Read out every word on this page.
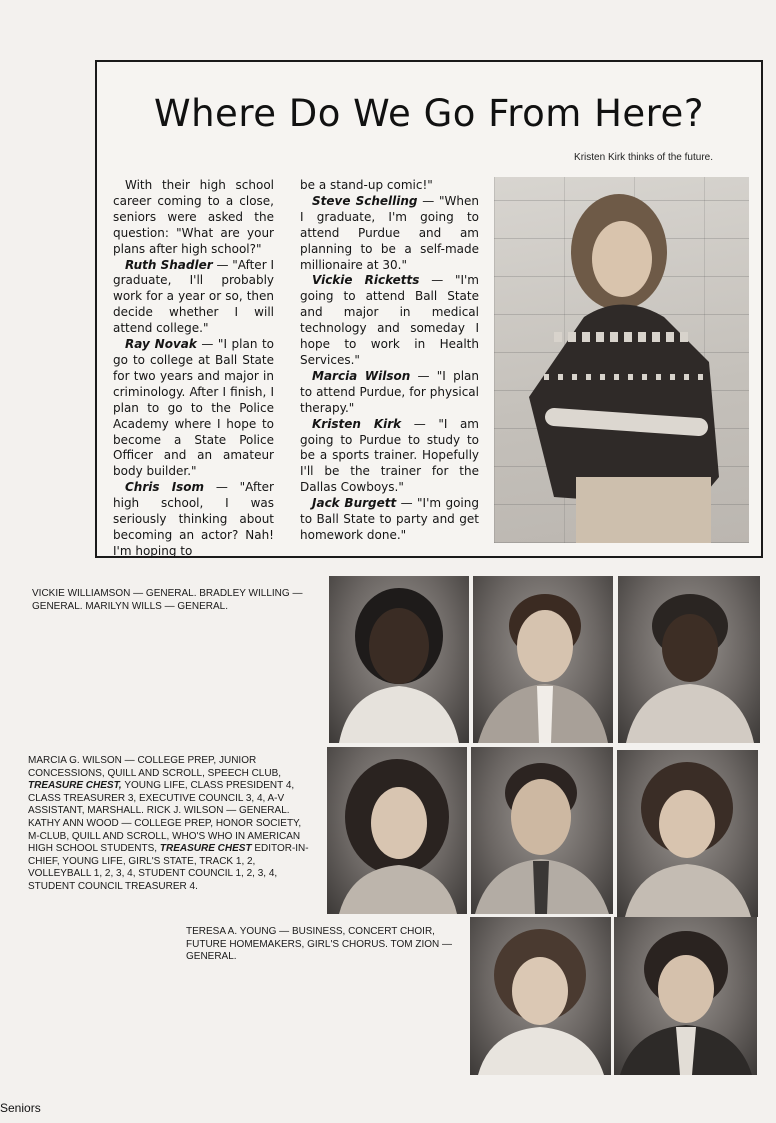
Where Do We Go From Here?
Kristen Kirk thinks of the future.

With their high school career coming to a close, seniors were asked the question: "What are your plans after high school?"

Ruth Shadler — "After I graduate, I'll probably work for a year or so, then decide whether I will attend college."

Ray Novak — "I plan to go to college at Ball State for two years and major in criminology. After I finish, I plan to go to the Police Academy where I hope to become a State Police Officer and an amateur body builder."

Chris Isom — "After high school, I was seriously thinking about becoming an actor? Nah! I'm hoping to

be a stand-up comic!"

Steve Schelling — "When I graduate, I'm going to attend Purdue and am planning to be a self-made millionaire at 30."

Vickie Ricketts — "I'm going to attend Ball State and major in medical technology and someday I hope to work in Health Services."

Marcia Wilson — "I plan to attend Purdue, for physical therapy."

Kristen Kirk — "I am going to Purdue to study to be a sports trainer. Hopefully I'll be the trainer for the Dallas Cowboys."

Jack Burgett — "I'm going to Ball State to party and get homework done."

VICKIE WILLIAMSON — GENERAL. BRADLEY WILLING — GENERAL. MARILYN WILLS — GENERAL.
MARCIA G. WILSON — COLLEGE PREP, JUNIOR CONCESSIONS, QUILL AND SCROLL, SPEECH CLUB, TREASURE CHEST, YOUNG LIFE, CLASS PRESIDENT 4, CLASS TREASURER 3, EXECUTIVE COUNCIL 3, 4, A-V ASSISTANT, MARSHALL. RICK J. WILSON — GENERAL. KATHY ANN WOOD — COLLEGE PREP, HONOR SOCIETY, M-CLUB, QUILL AND SCROLL, WHO'S WHO IN AMERICAN HIGH SCHOOL STUDENTS, TREASURE CHEST EDITOR-IN-CHIEF, YOUNG LIFE, GIRL'S STATE, TRACK 1, 2, VOLLEYBALL 1, 2, 3, 4, STUDENT COUNCIL 1, 2, 3, 4, STUDENT COUNCIL TREASURER 4.
TERESA A. YOUNG — BUSINESS, CONCERT CHOIR, FUTURE HOMEMAKERS, GIRL'S CHORUS. TOM ZION — GENERAL.
Seniors
